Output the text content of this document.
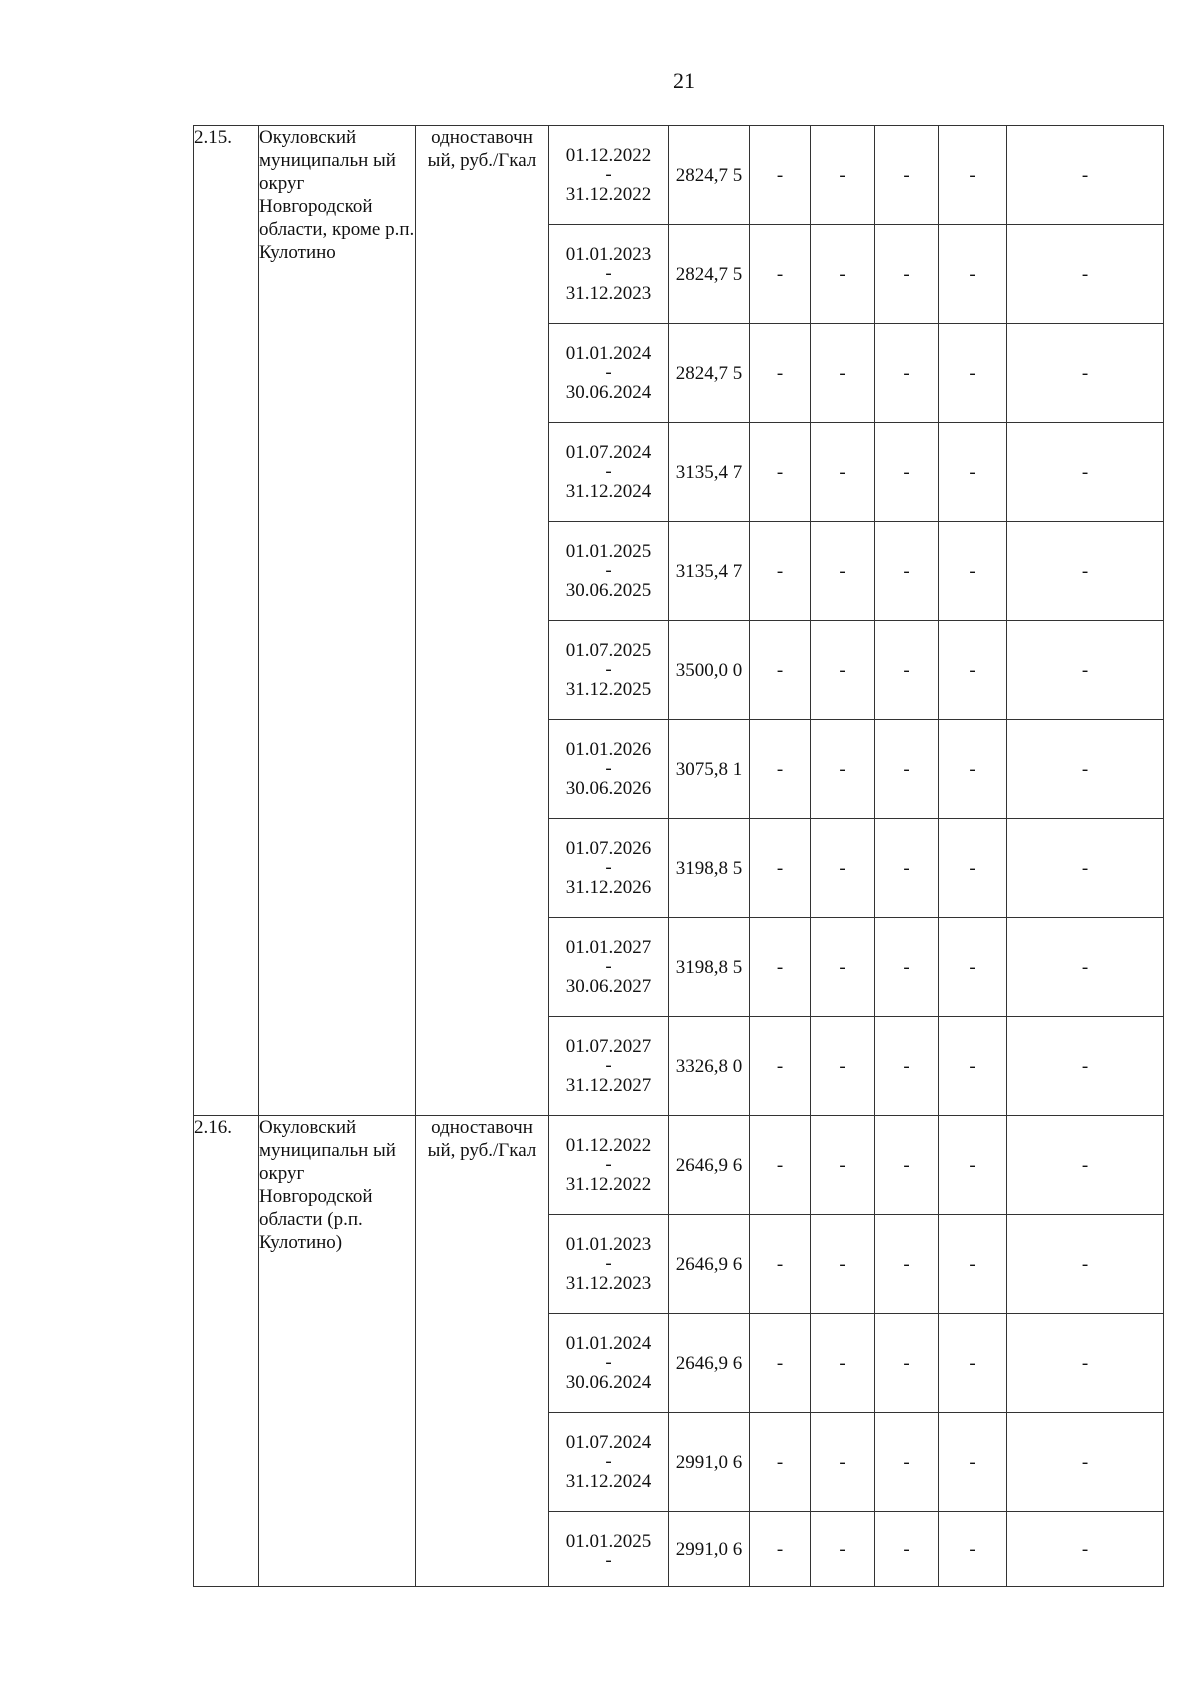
21
2.15.	Окуловский муниципальн ый округ Новгородской области, кроме р.п. Кулотино	одноставочн ый, руб./Гкал	01.12.2022
-
31.12.2022	2824,7 5	-	-	-	-	-

			01.01.2023
-
31.12.2023	2824,7 5	-	-	-	-	-

			01.01.2024
-
30.06.2024	2824,7 5	-	-	-	-	-

			01.07.2024
-
31.12.2024	3135,4 7	-	-	-	-	-

			01.01.2025
-
30.06.2025	3135,4 7	-	-	-	-	-

			01.07.2025
-
31.12.2025	3500,0 0	-	-	-	-	-

			01.01.2026
-
30.06.2026	3075,8 1	-	-	-	-	-

			01.07.2026
-
31.12.2026	3198,8 5	-	-	-	-	-

			01.01.2027
-
30.06.2027	3198,8 5	-	-	-	-	-

			01.07.2027
-
31.12.2027	3326,8 0	-	-	-	-	-
2.16.	Окуловский муниципальн ый округ Новгородской области (р.п. Кулотино)	одноставочн ый, руб./Гкал	01.12.2022
-
31.12.2022	2646,9 6	-	-	-	-	-

			01.01.2023
-
31.12.2023	2646,9 6	-	-	-	-	-

			01.01.2024
-
30.06.2024	2646,9 6	-	-	-	-	-

			01.07.2024
-
31.12.2024	2991,0 6	-	-	-	-	-

			01.01.2025
-	2991,0 6	-	-	-	-	-
